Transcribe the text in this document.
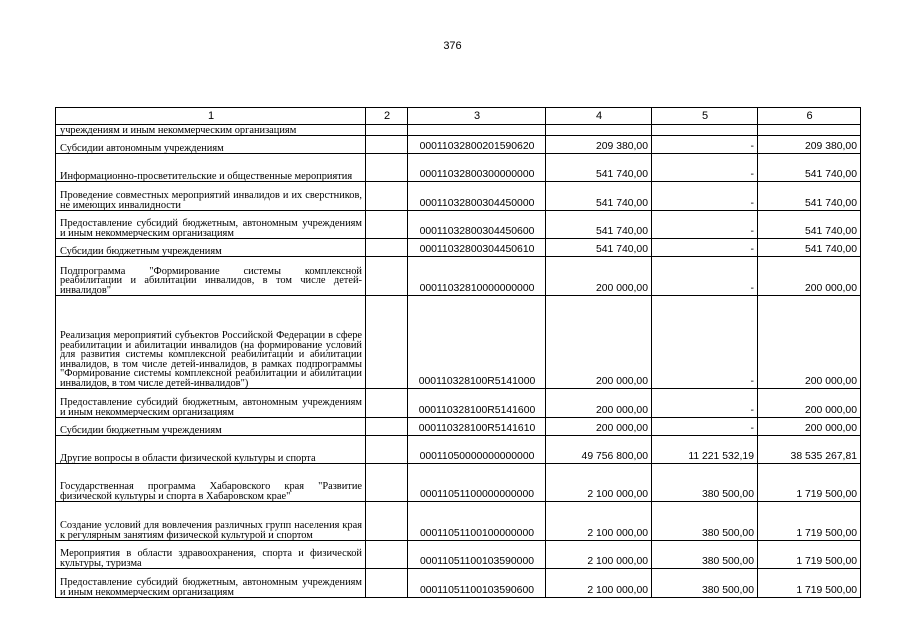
376
1	2	3	4	5	6
учреждениям и иным некоммерческим организациям					
Субсидии автономным учреждениям		00011032800201590620	209 380,00	-	209 380,00
Информационно-просветительские и общественные мероприятия		00011032800300000000	541 740,00	-	541 740,00
Проведение совместных мероприятий инвалидов и их сверстников, не имеющих инвалидности		00011032800304450000	541 740,00	-	541 740,00
Предоставление субсидий бюджетным, автономным учреждениям и иным некоммерческим организациям		00011032800304450600	541 740,00	-	541 740,00
Субсидии бюджетным учреждениям		00011032800304450610	541 740,00	-	541 740,00
Подпрограмма "Формирование системы комплексной реабилитации и абилитации инвалидов, в том числе детей-инвалидов"		00011032810000000000	200 000,00	-	200 000,00
Реализация мероприятий субъектов Российской Федерации в сфере реабилитации и абилитации инвалидов (на формирование условий для развития системы комплексной реабилитации и абилитации инвалидов, в том числе детей-инвалидов, в рамках подпрограммы "Формирование системы комплексной реабилитации и абилитации инвалидов, в том числе детей-инвалидов")		000110328100R5141000	200 000,00	-	200 000,00
Предоставление субсидий бюджетным, автономным учреждениям и иным некоммерческим организациям		000110328100R5141600	200 000,00	-	200 000,00
Субсидии бюджетным учреждениям		000110328100R5141610	200 000,00	-	200 000,00
Другие вопросы в области физической культуры и спорта		00011050000000000000	49 756 800,00	11 221 532,19	38 535 267,81
Государственная программа Хабаровского края "Развитие физической культуры и спорта в Хабаровском крае"		00011051100000000000	2 100 000,00	380 500,00	1 719 500,00
Создание условий для вовлечения различных групп населения края к регулярным занятиям физической культурой и спортом		00011051100100000000	2 100 000,00	380 500,00	1 719 500,00
Мероприятия в области здравоохранения, спорта и физической культуры, туризма		00011051100103590000	2 100 000,00	380 500,00	1 719 500,00
Предоставление субсидий бюджетным, автономным учреждениям и иным некоммерческим организациям		00011051100103590600	2 100 000,00	380 500,00	1 719 500,00
